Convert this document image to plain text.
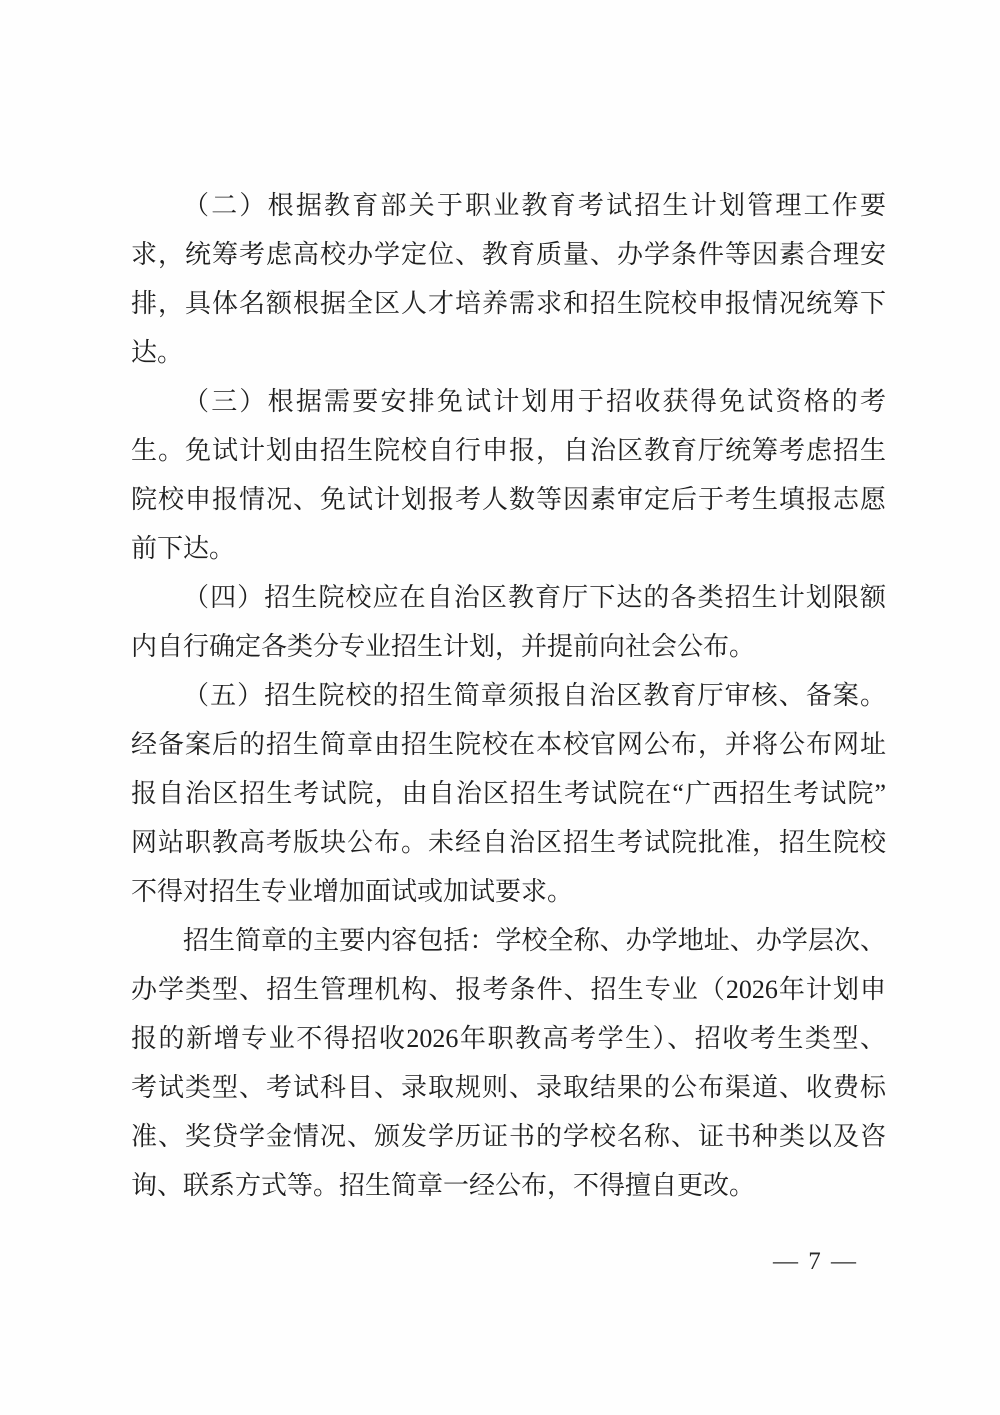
（二）根据教育部关于职业教育考试招生计划管理工作要
求，统筹考虑高校办学定位、教育质量、办学条件等因素合理安
排，具体名额根据全区人才培养需求和招生院校申报情况统筹下
达。
（三）根据需要安排免试计划用于招收获得免试资格的考
生。免试计划由招生院校自行申报，自治区教育厅统筹考虑招生
院校申报情况、免试计划报考人数等因素审定后于考生填报志愿
前下达。
（四）招生院校应在自治区教育厅下达的各类招生计划限额
内自行确定各类分专业招生计划，并提前向社会公布。
（五）招生院校的招生简章须报自治区教育厅审核、备案。
经备案后的招生简章由招生院校在本校官网公布，并将公布网址
报自治区招生考试院，由自治区招生考试院在“广西招生考试院”
网站职教高考版块公布。未经自治区招生考试院批准，招生院校
不得对招生专业增加面试或加试要求。
招生简章的主要内容包括：学校全称、办学地址、办学层次、
办学类型、招生管理机构、报考条件、招生专业（2026年计划申
报的新增专业不得招收2026年职教高考学生）、招收考生类型、
考试类型、考试科目、录取规则、录取结果的公布渠道、收费标
准、奖贷学金情况、颁发学历证书的学校名称、证书种类以及咨
询、联系方式等。招生简章一经公布，不得擅自更改。
— 7 —
